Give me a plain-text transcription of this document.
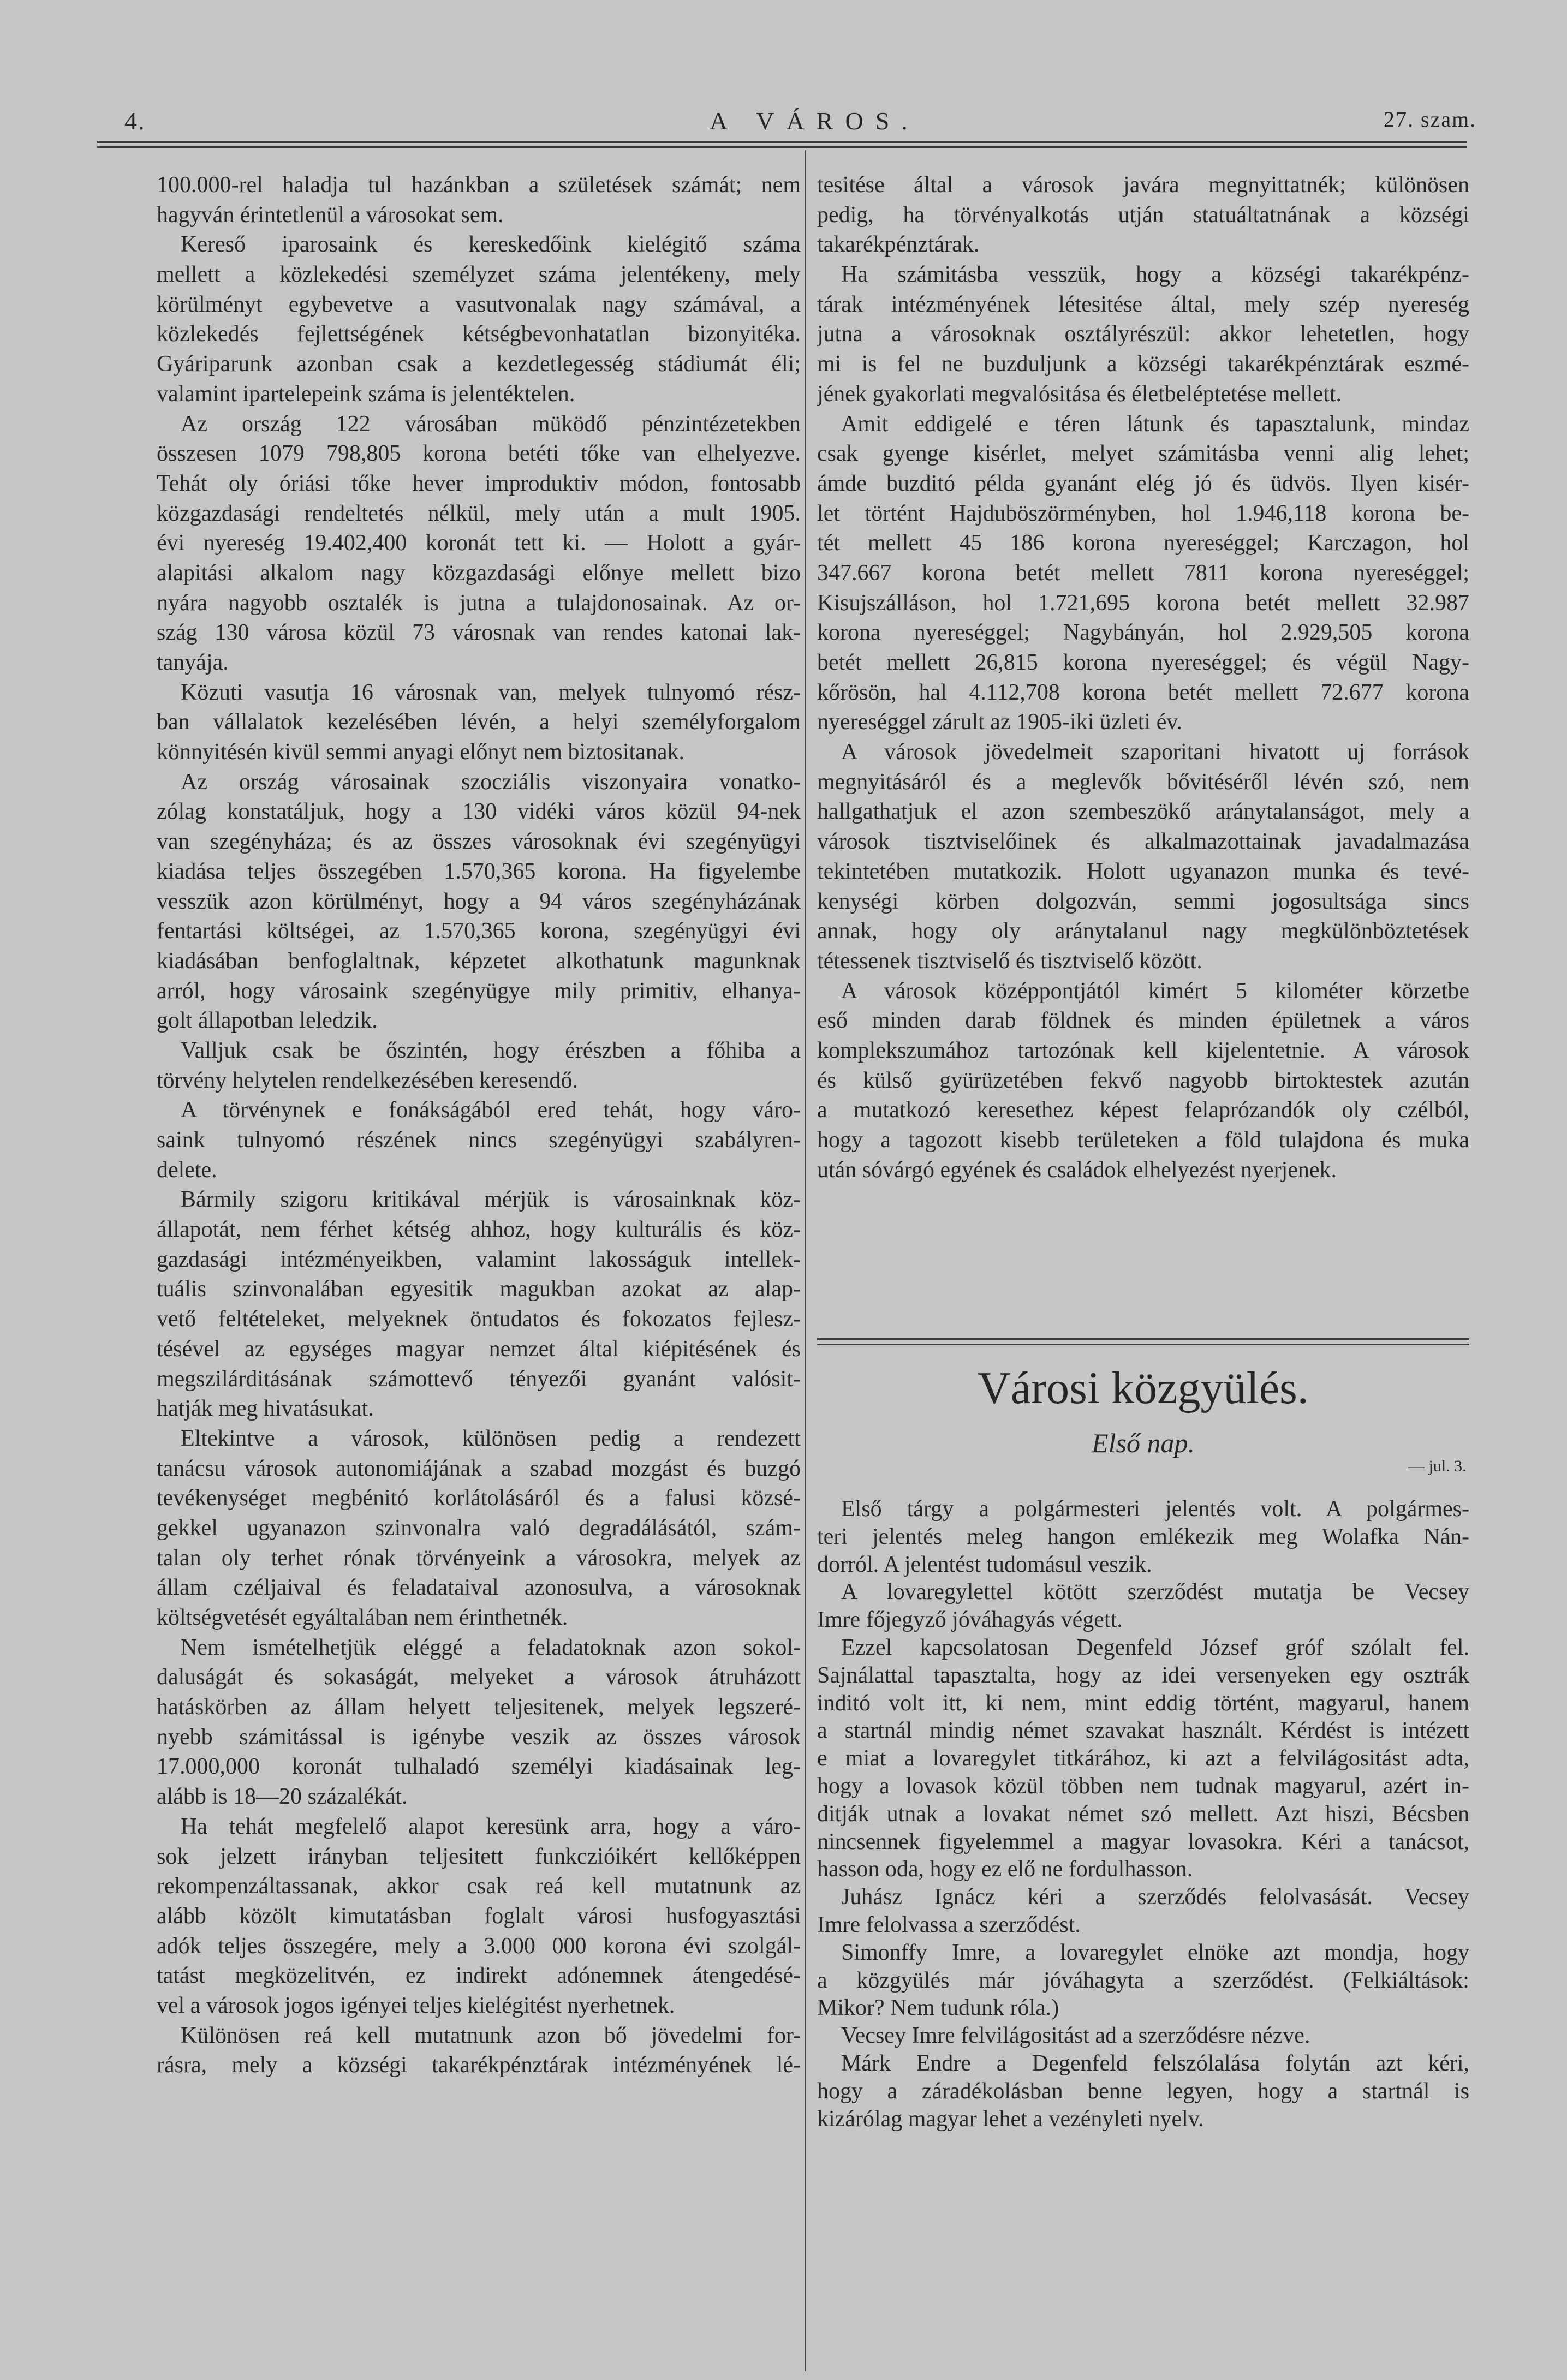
4.	A VÁROS.	27. szam.
100.000-rel haladja tul hazánkban a születések számát; nem
hagyván érintetlenül a városokat sem.
Kereső iparosaink és kereskedőink kielégitő száma
mellett a közlekedési személyzet száma jelentékeny, mely
körülményt egybevetve a vasutvonalak nagy számával, a
közlekedés fejlettségének kétségbevonhatatlan bizonyitéka.
Gyáriparunk azonban csak a kezdetlegesség stádiumát éli;
valamint ipartelepeink száma is jelentéktelen.
Az ország 122 városában müködő pénzintézetekben
összesen 1079 798,805 korona betéti tőke van elhelyezve.
Tehát oly óriási tőke hever improduktiv módon, fontosabb
közgazdasági rendeltetés nélkül, mely után a mult 1905.
évi nyereség 19.402,400 koronát tett ki. — Holott a gyár-
alapitási alkalom nagy közgazdasági előnye mellett bizo
nyára nagyobb osztalék is jutna a tulajdonosainak. Az or-
szág 130 városa közül 73 városnak van rendes katonai lak-
tanyája.
Közuti vasutja 16 városnak van, melyek tulnyomó rész-
ban vállalatok kezelésében lévén, a helyi személyforgalom
könnyitésén kivül semmi anyagi előnyt nem biztositanak.
Az ország városainak szocziális viszonyaira vonatko-
zólag konstatáljuk, hogy a 130 vidéki város közül 94-nek
van szegényháza; és az összes városoknak évi szegényügyi
kiadása teljes összegében 1.570,365 korona. Ha figyelembe
vesszük azon körülményt, hogy a 94 város szegényházának
fentartási költségei, az 1.570,365 korona, szegényügyi évi
kiadásában benfoglaltnak, képzetet alkothatunk magunknak
arról, hogy városaink szegényügye mily primitiv, elhanya-
golt állapotban leledzik.
Valljuk csak be őszintén, hogy érészben a főhiba a
törvény helytelen rendelkezésében keresendő.
A törvénynek e fonákságából ered tehát, hogy váro-
saink tulnyomó részének nincs szegényügyi szabályren-
delete.
Bármily szigoru kritikával mérjük is városainknak köz-
állapotát, nem férhet kétség ahhoz, hogy kulturális és köz-
gazdasági intézményeikben, valamint lakosságuk intellek-
tuális szinvonalában egyesitik magukban azokat az alap-
vető feltételeket, melyeknek öntudatos és fokozatos fejlesz-
tésével az egységes magyar nemzet által kiépitésének és
megszilárditásának számottevő tényezői gyanánt valósit-
hatják meg hivatásukat.
Eltekintve a városok, különösen pedig a rendezett
tanácsu városok autonomiájának a szabad mozgást és buzgó
tevékenységet megbénitó korlátolásáról és a falusi közsé-
gekkel ugyanazon szinvonalra való degradálásától, szám-
talan oly terhet rónak törvényeink a városokra, melyek az
állam czéljaival és feladataival azonosulva, a városoknak
költségvetését egyáltalában nem érinthetnék.
Nem ismételhetjük eléggé a feladatoknak azon sokol-
daluságát és sokaságát, melyeket a városok átruházott
hatáskörben az állam helyett teljesitenek, melyek legszeré-
nyebb számitással is igénybe veszik az összes városok
17.000,000 koronát tulhaladó személyi kiadásainak leg-
alább is 18—20 százalékát.
Ha tehát megfelelő alapot keresünk arra, hogy a váro-
sok jelzett irányban teljesitett funkczióikért kellőképpen
rekompenzáltassanak, akkor csak reá kell mutatnunk az
alább közölt kimutatásban foglalt városi husfogyasztási
adók teljes összegére, mely a 3.000 000 korona évi szolgál-
tatást megközelitvén, ez indirekt adónemnek átengedésé-
vel a városok jogos igényei teljes kielégitést nyerhetnek.
Különösen reá kell mutatnunk azon bő jövedelmi for-
rásra, mely a községi takarékpénztárak intézményének lé-
tesitése által a városok javára megnyittatnék; különösen
pedig, ha törvényalkotás utján statuáltatnának a községi
takarékpénztárak.
Ha számitásba vesszük, hogy a községi takarékpénz-
tárak intézményének létesitése által, mely szép nyereség
jutna a városoknak osztályrészül: akkor lehetetlen, hogy
mi is fel ne buzduljunk a községi takarékpénztárak eszmé-
jének gyakorlati megvalósitása és életbeléptetése mellett.
Amit eddigelé e téren látunk és tapasztalunk, mindaz
csak gyenge kisérlet, melyet számitásba venni alig lehet;
ámde buzditó példa gyanánt elég jó és üdvös. Ilyen kisér-
let történt Hajduböszörményben, hol 1.946,118 korona be-
tét mellett 45 186 korona nyereséggel; Karczagon, hol
347.667 korona betét mellett 7811 korona nyereséggel;
Kisujszálláson, hol 1.721,695 korona betét mellett 32.987
korona nyereséggel; Nagybányán, hol 2.929,505 korona
betét mellett 26,815 korona nyereséggel; és végül Nagy-
kőrösön, hal 4.112,708 korona betét mellett 72.677 korona
nyereséggel zárult az 1905-iki üzleti év.
A városok jövedelmeit szaporitani hivatott uj források
megnyitásáról és a meglevők bővitéséről lévén szó, nem
hallgathatjuk el azon szembeszökő aránytalanságot, mely a
városok tisztviselőinek és alkalmazottainak javadalmazása
tekintetében mutatkozik. Holott ugyanazon munka és tevé-
kenységi körben dolgozván, semmi jogosultsága sincs
annak, hogy oly aránytalanul nagy megkülönböztetések
tétessenek tisztviselő és tisztviselő között.
A városok középpontjától kimért 5 kilométer körzetbe
eső minden darab földnek és minden épületnek a város
komplekszumához tartozónak kell kijelentetnie. A városok
és külső gyürüzetében fekvő nagyobb birtoktestek azután
a mutatkozó keresethez képest felaprózandók oly czélból,
hogy a tagozott kisebb területeken a föld tulajdona és muka
után sóvárgó egyének és családok elhelyezést nyerjenek.
Városi közgyülés.
Első nap.
— jul. 3.
Első tárgy a polgármesteri jelentés volt. A polgármes-
teri jelentés meleg hangon emlékezik meg Wolafka Nán-
dorról. A jelentést tudomásul veszik.
A lovaregylettel kötött szerződést mutatja be Vecsey
Imre főjegyző jóváhagyás végett.
Ezzel kapcsolatosan Degenfeld József gróf szólalt fel.
Sajnálattal tapasztalta, hogy az idei versenyeken egy osztrák
inditó volt itt, ki nem, mint eddig történt, magyarul, hanem
a startnál mindig német szavakat használt. Kérdést is intézett
e miat a lovaregylet titkárához, ki azt a felvilágositást adta,
hogy a lovasok közül többen nem tudnak magyarul, azért in-
ditják utnak a lovakat német szó mellett. Azt hiszi, Bécsben
nincsennek figyelemmel a magyar lovasokra. Kéri a tanácsot,
hasson oda, hogy ez elő ne fordulhasson.
Juhász Ignácz kéri a szerződés felolvasását. Vecsey
Imre felolvassa a szerződést.
Simonffy Imre, a lovaregylet elnöke azt mondja, hogy
a közgyülés már jóváhagyta a szerződést. (Felkiáltások:
Mikor? Nem tudunk róla.)
Vecsey Imre felvilágositást ad a szerződésre nézve.
Márk Endre a Degenfeld felszólalása folytán azt kéri,
hogy a záradékolásban benne legyen, hogy a startnál is
kizárólag magyar lehet a vezényleti nyelv.
